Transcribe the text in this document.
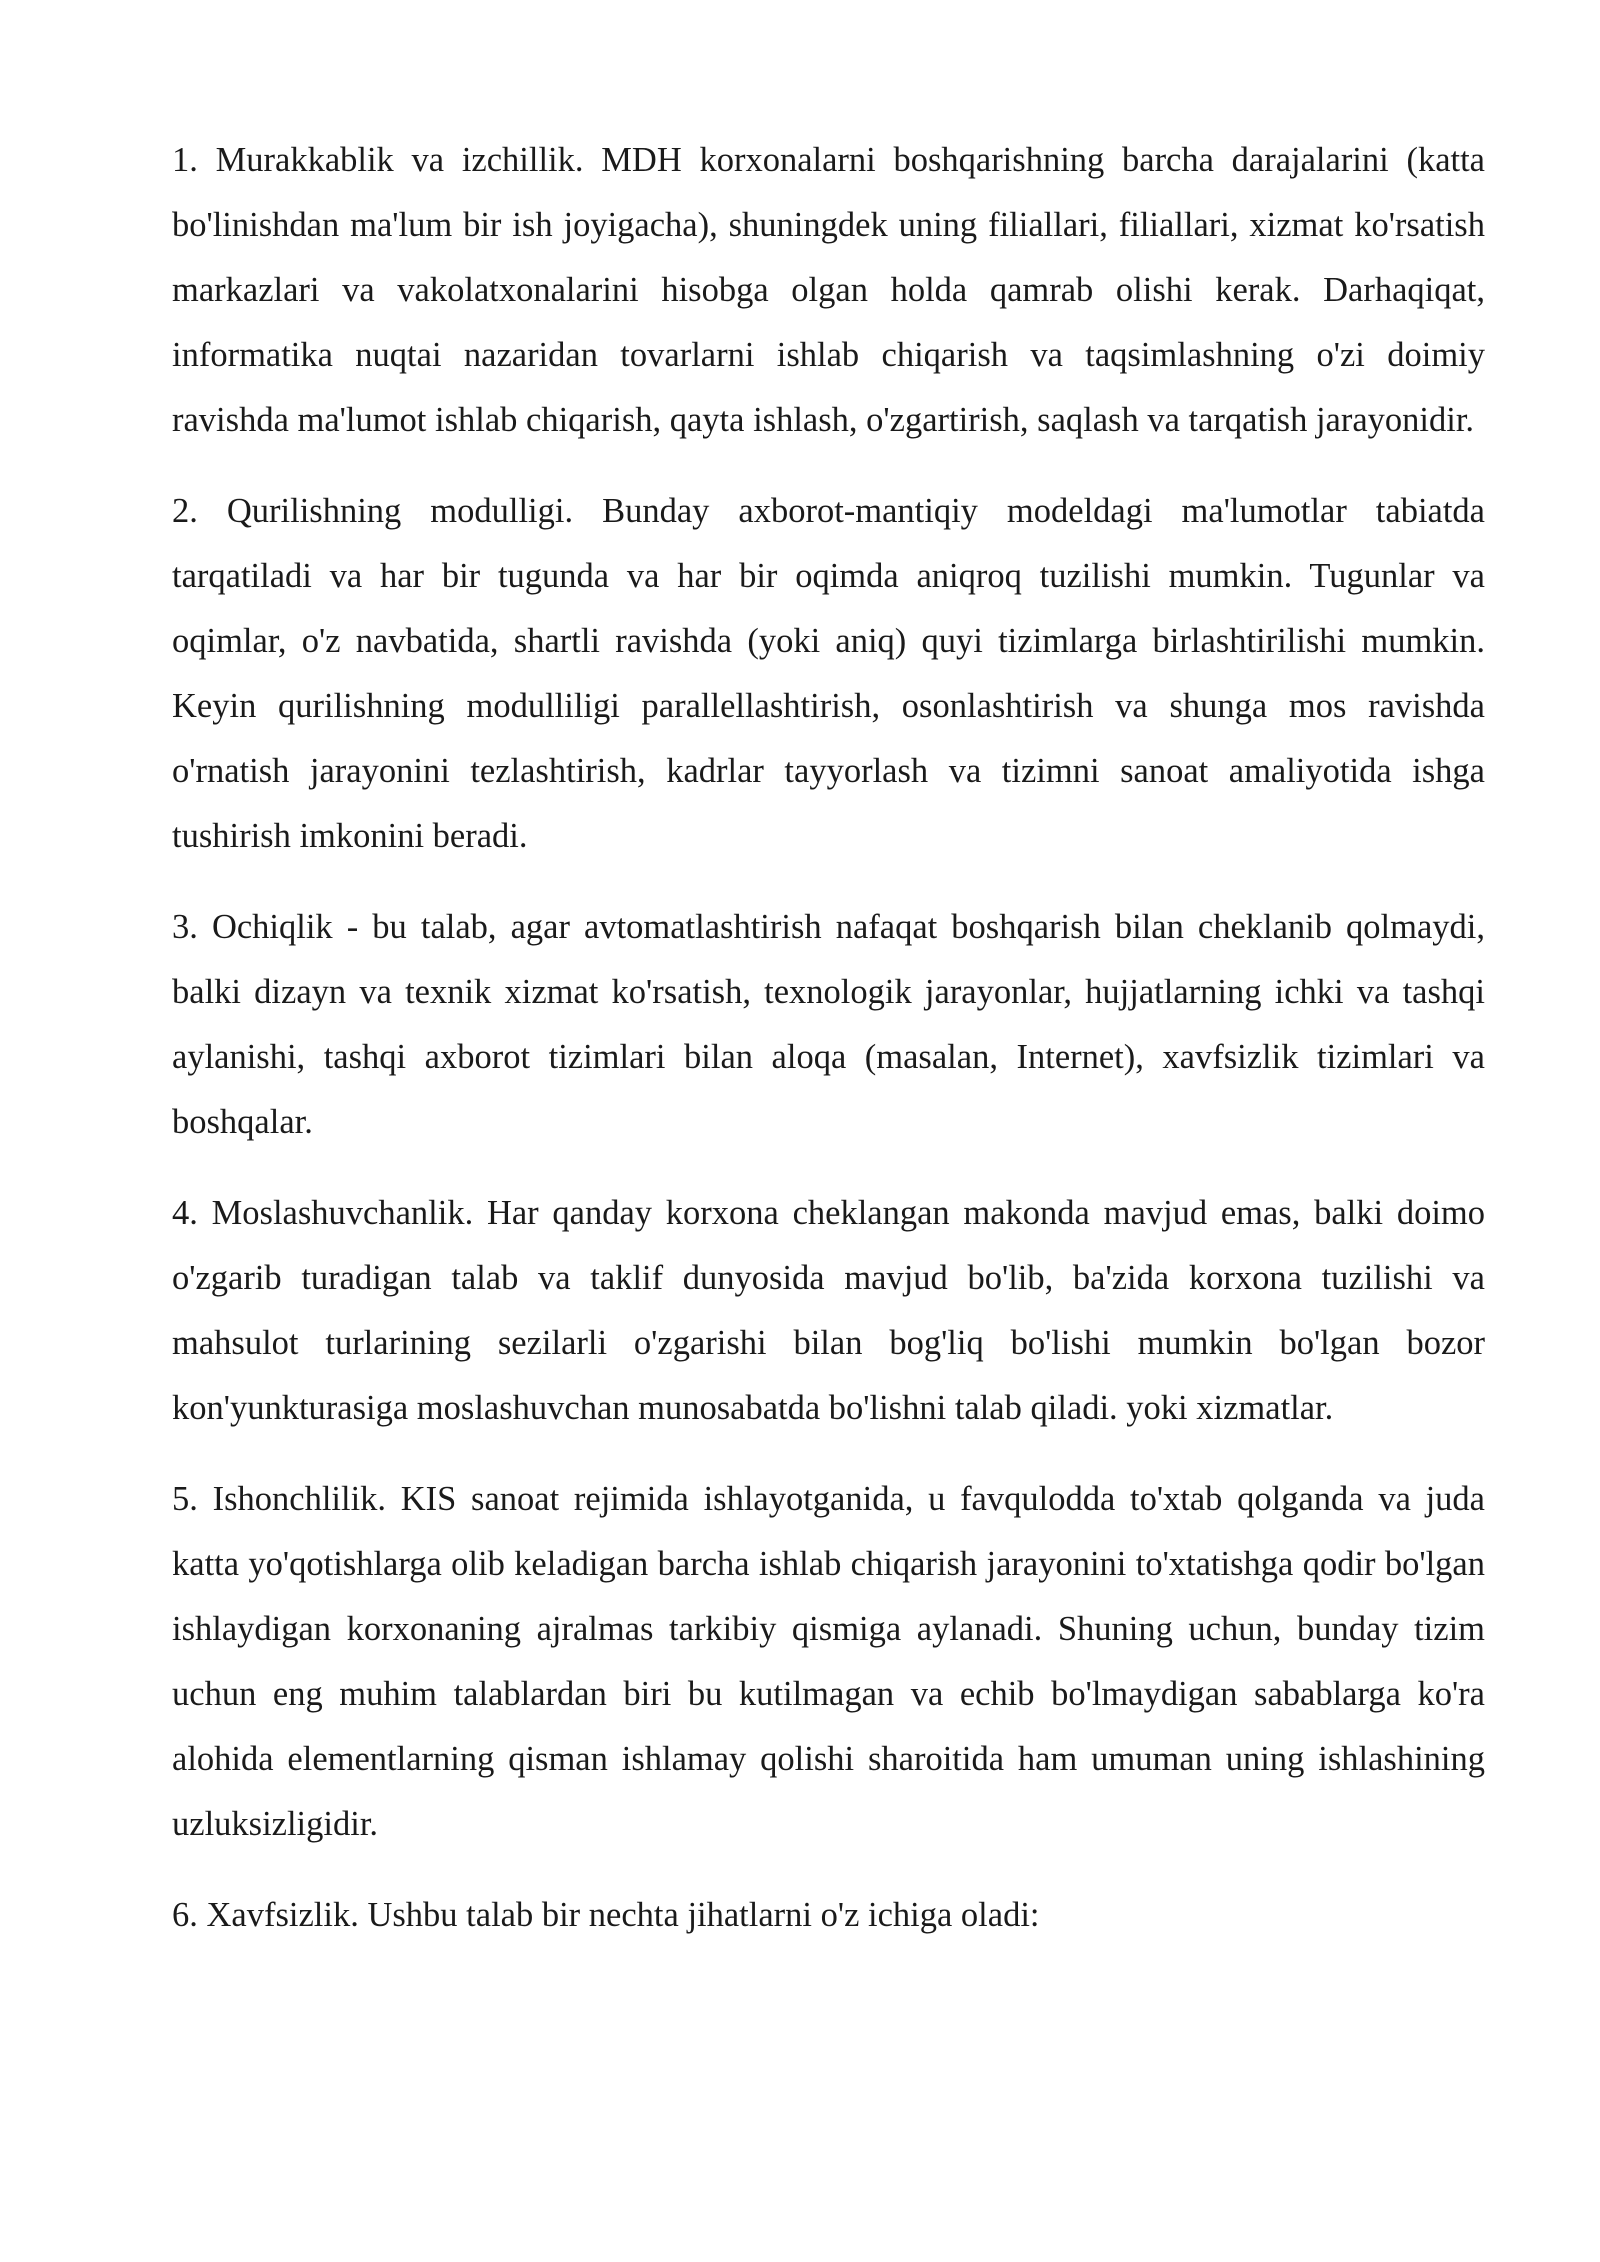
1. Murakkablik va izchillik. MDH korxonalarni boshqarishning barcha darajalarini (katta bo'linishdan ma'lum bir ish joyigacha), shuningdek uning filiallari, filiallari, xizmat ko'rsatish markazlari va vakolatxonalarini hisobga olgan holda qamrab olishi kerak. Darhaqiqat, informatika nuqtai nazaridan tovarlarni ishlab chiqarish va taqsimlashning o'zi doimiy ravishda ma'lumot ishlab chiqarish, qayta ishlash, o'zgartirish, saqlash va tarqatish jarayonidir.

2. Qurilishning modulligi. Bunday axborot-mantiqiy modeldagi ma'lumotlar tabiatda tarqatiladi va har bir tugunda va har bir oqimda aniqroq tuzilishi mumkin. Tugunlar va oqimlar, o'z navbatida, shartli ravishda (yoki aniq) quyi tizimlarga birlashtirilishi mumkin. Keyin qurilishning modulliligi parallellashtirish, osonlashtirish va shunga mos ravishda o'rnatish jarayonini tezlashtirish, kadrlar tayyorlash va tizimni sanoat amaliyotida ishga tushirish imkonini beradi.

3. Ochiqlik - bu talab, agar avtomatlashtirish nafaqat boshqarish bilan cheklanib qolmaydi, balki dizayn va texnik xizmat ko'rsatish, texnologik jarayonlar, hujjatlarning ichki va tashqi aylanishi, tashqi axborot tizimlari bilan aloqa (masalan, Internet), xavfsizlik tizimlari va boshqalar.

4. Moslashuvchanlik. Har qanday korxona cheklangan makonda mavjud emas, balki doimo o'zgarib turadigan talab va taklif dunyosida mavjud bo'lib, ba'zida korxona tuzilishi va mahsulot turlarining sezilarli o'zgarishi bilan bog'liq bo'lishi mumkin bo'lgan bozor kon'yunkturasiga moslashuvchan munosabatda bo'lishni talab qiladi. yoki xizmatlar.

5. Ishonchlilik. KIS sanoat rejimida ishlayotganida, u favqulodda to'xtab qolganda va juda katta yo'qotishlarga olib keladigan barcha ishlab chiqarish jarayonini to'xtatishga qodir bo'lgan ishlaydigan korxonaning ajralmas tarkibiy qismiga aylanadi. Shuning uchun, bunday tizim uchun eng muhim talablardan biri bu kutilmagan va echib bo'lmaydigan sabablarga ko'ra alohida elementlarning qisman ishlamay qolishi sharoitida ham umuman uning ishlashining uzluksizligidir.

6. Xavfsizlik. Ushbu talab bir nechta jihatlarni o'z ichiga oladi:
